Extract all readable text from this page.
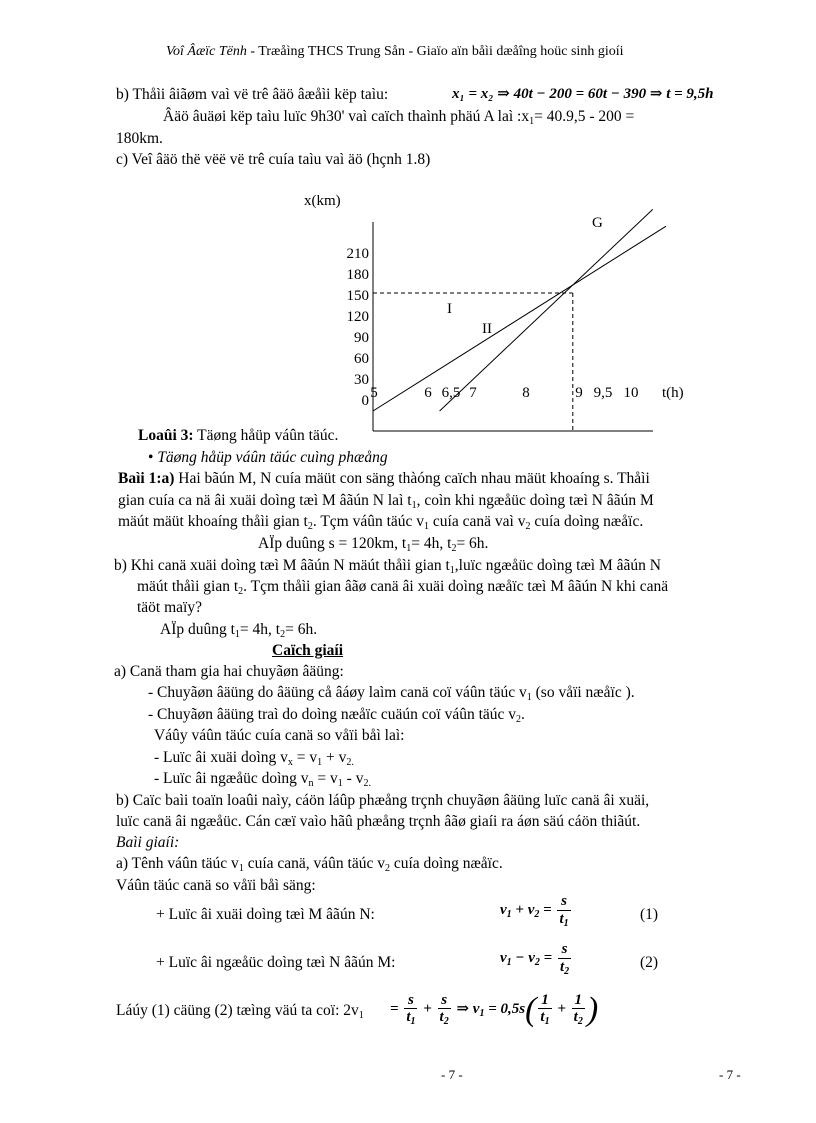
Voî Âæïc Tënh - Træåìng THCS Trung Sån - Giaïo aïn båìi dæåîng hoüc sinh gioíi
b) Thåìi âiãøm vaì vë trê âäö âæåìi këp taìu:	x₁ = x₂ ⇒ 40t − 200 = 60t − 390 ⇒ t = 9,5h
Âäö âuäøi këp taìu luïc 9h30' vaì caïch thaình phäú A laì $:x_1= 40.9,5 - 200$ =
180km.
c) Veî âäö thë vëë vë trê cuía taìu vaì äö (hçnh 1.8)
x(km)
0
30
60
90
120
150
180
210
5	6 6,5 7	8	9 9,5 10 t(h)
I
II
G
Loaûi 3: Täøng håüp váûn täúc.
• Täøng håüp váûn täúc cuìng phæång
Baìi 1:a) Hai bãún M, N cuía mäüt con säng thàóng caïch nhau mäüt khoaíng s. Thåìi
gian cuía ca nä âi xuäi doìng tæì M âãún N laì $t_1$, coìn khi ngæåüc doìng tæì N âãún M
mäút mäüt khoaíng thåìi gian $t_2$. Tçm váûn täúc $v_1$ cuía canä vaì $v_2$ cuía doìng næåïc.
AÏp duûng s = 120km, $t_1= 4h$, $t_2= 6h$.
b) Khi canä xuäi doìng tæì M âãún N mäút thåìi gian $t_1,luïc$ ngæåüc doìng tæì M âãún N
mäút thåìi gian $t_2$. Tçm thåìi gian âãø canä âi xuäi doìng næåïc tæì M âãún N khi canä
täöt maïy?
AÏp duûng $t_1= 4h$, $t_2= 6h$.
Caïch giaíi
a) Canä tham gia hai chuyãøn âäüng:
- Chuyãøn âäüng do âäüng cå âáøy laìm canä coï váûn täúc $v_1$ (so våïi næåïc ).
- Chuyãøn âäüng traì do doìng næåïc cuäún coï váûn täúc $v_2$.
Váûy váûn täúc cuía canä so våïi båì laì:
- Luïc âi xuäi doìng $v_x = v_1 + v_{2.}$
- Luïc âi ngæåüc doìng $v_n = v_1 - v_{2.}$
b) Caïc baìi toaïn loaûi naìy, cáön láûp phæång trçnh chuyãøn âäüng luïc canä âi xuäi,
luïc canä âi ngæåüc. Cán cæï vaìo hãû phæång trçnh âãø giaíi ra áøn säú cáön thiãút.
Baìi giaíi:
a) Tênh váûn täúc $v_1$ cuía canä, váûn täúc $v_2$ cuía doìng næåïc.
Váûn täúc canä so våïi båì säng:
+ Luïc âi xuäi doìng tæì M âãún N:	$v_1 + v_2 = \frac{s}{t_1}$	(1)
+ Luïc âi ngæåüc doìng tæì N âãún M:	$v_1 - v_2 = \frac{s}{t_2}$	(2)
Láúy (1) cäüng (2) tæìng väú ta coï: $2v_1 = \frac{s}{t_1} + \frac{s}{t_2}$ ⇒ $v_1 = 0,5s( \frac{1}{t_1} + \frac{1}{t_2}$ )
- 7 -	- 7 -
